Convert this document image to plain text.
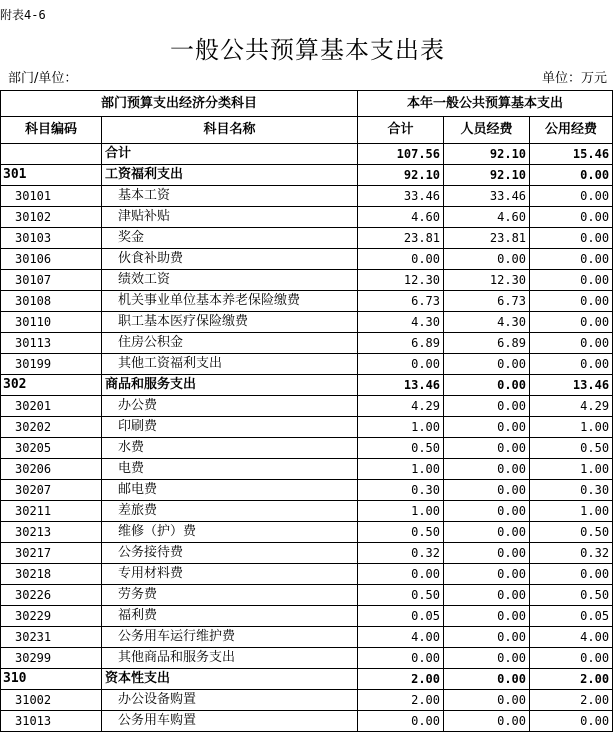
附表4-6
一般公共预算基本支出表
部门/单位：	单位：万元
部门预算支出经济分类科目		本年一般公共预算基本支出		
科目编码	科目名称	合计	人员经费	公用经费
	合计	107.56	92.10	15.46
301	工资福利支出	92.10	92.10	0.00
30101	基本工资	33.46	33.46	0.00
30102	津贴补贴	4.60	4.60	0.00
30103	奖金	23.81	23.81	0.00
30106	伙食补助费	0.00	0.00	0.00
30107	绩效工资	12.30	12.30	0.00
30108	机关事业单位基本养老保险缴费	6.73	6.73	0.00
30110	职工基本医疗保险缴费	4.30	4.30	0.00
30113	住房公积金	6.89	6.89	0.00
30199	其他工资福利支出	0.00	0.00	0.00
302	商品和服务支出	13.46	0.00	13.46
30201	办公费	4.29	0.00	4.29
30202	印刷费	1.00	0.00	1.00
30205	水费	0.50	0.00	0.50
30206	电费	1.00	0.00	1.00
30207	邮电费	0.30	0.00	0.30
30211	差旅费	1.00	0.00	1.00
30213	维修（护）费	0.50	0.00	0.50
30217	公务接待费	0.32	0.00	0.32
30218	专用材料费	0.00	0.00	0.00
30226	劳务费	0.50	0.00	0.50
30229	福利费	0.05	0.00	0.05
30231	公务用车运行维护费	4.00	0.00	4.00
30299	其他商品和服务支出	0.00	0.00	0.00
310	资本性支出	2.00	0.00	2.00
31002	办公设备购置	2.00	0.00	2.00
31013	公务用车购置	0.00	0.00	0.00
